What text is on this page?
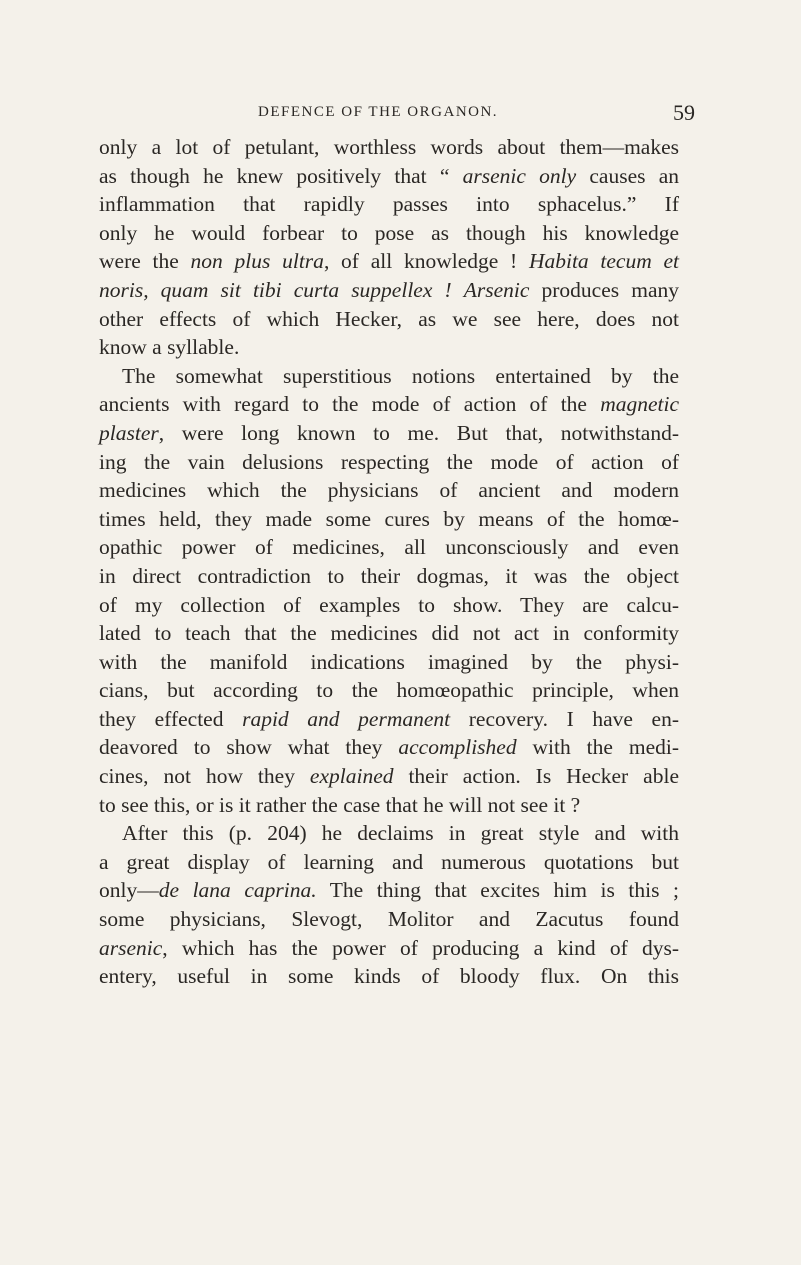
DEFENCE OF THE ORGANON.	59
only a lot of petulant, worthless words about them—makes
as though he knew positively that “ arsenic only causes an
inflammation that rapidly passes into sphacelus.” If
only he would forbear to pose as though his knowledge
were the non plus ultra, of all knowledge ! Habita tecum et
noris, quam sit tibi curta suppellex ! Arsenic produces many
other effects of which Hecker, as we see here, does not
know a syllable.
The somewhat superstitious notions entertained by the
ancients with regard to the mode of action of the magnetic
plaster, were long known to me. But that, notwithstand-
ing the vain delusions respecting the mode of action of
medicines which the physicians of ancient and modern
times held, they made some cures by means of the homœ-
opathic power of medicines, all unconsciously and even
in direct contradiction to their dogmas, it was the object
of my collection of examples to show. They are calcu-
lated to teach that the medicines did not act in conformity
with the manifold indications imagined by the physi-
cians, but according to the homœopathic principle, when
they effected rapid and permanent recovery. I have en-
deavored to show what they accomplished with the medi-
cines, not how they explained their action. Is Hecker able
to see this, or is it rather the case that he will not see it ?
After this (p. 204) he declaims in great style and with
a great display of learning and numerous quotations but
only—de lana caprina. The thing that excites him is this ;
some physicians, Slevogt, Molitor and Zacutus found
arsenic, which has the power of producing a kind of dys-
entery, useful in some kinds of bloody flux. On this
